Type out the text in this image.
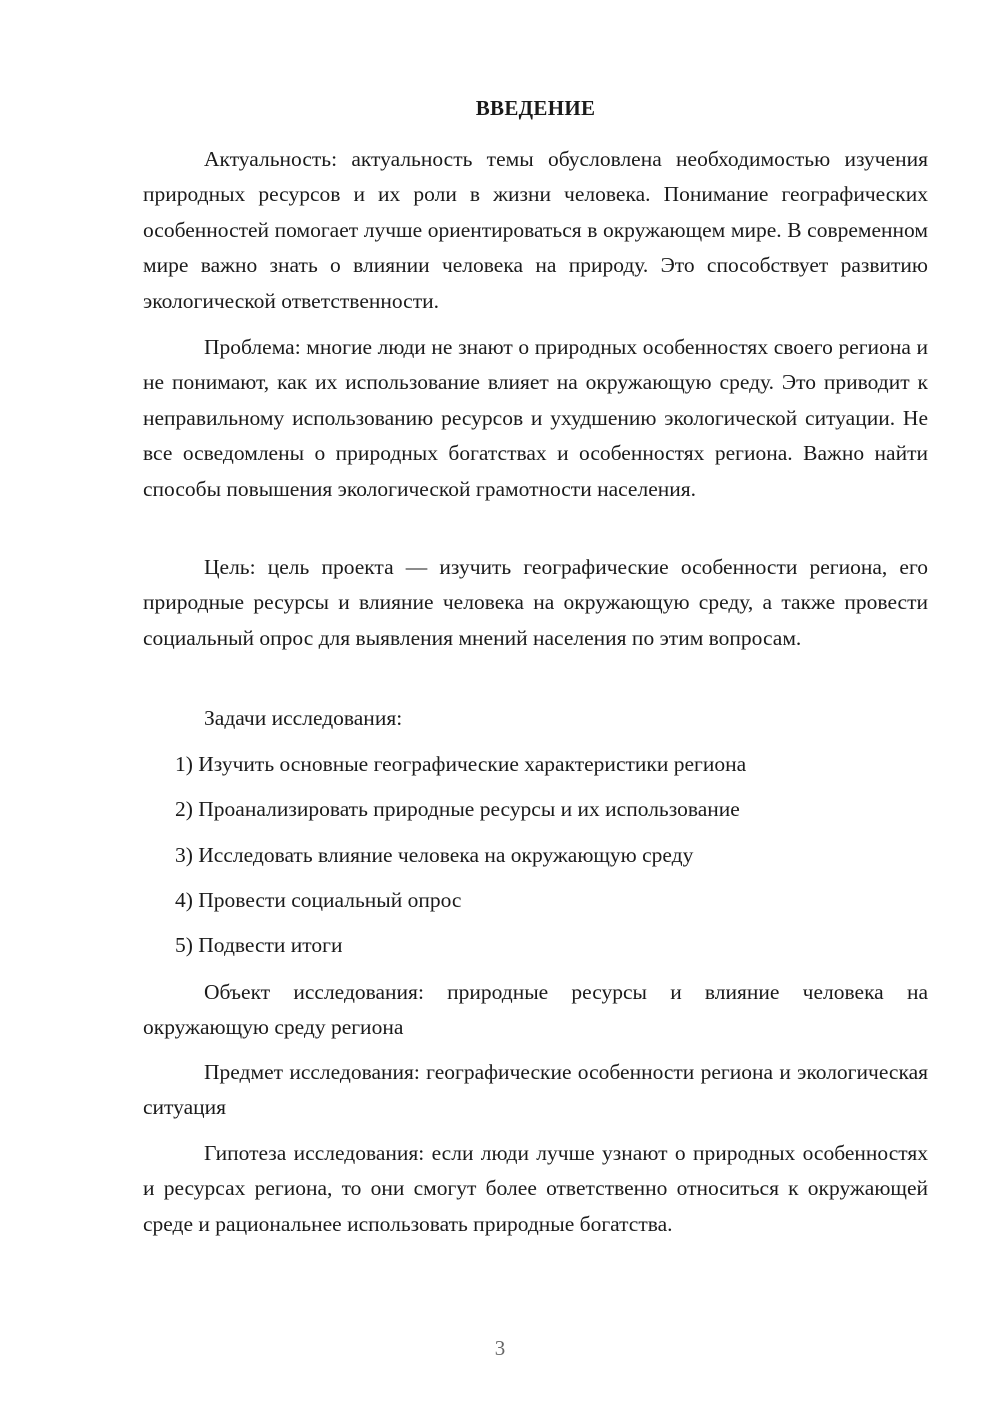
ВВЕДЕНИЕ

Актуальность: актуальность темы обусловлена необходимостью изучения природных ресурсов и их роли в жизни человека. Понимание географических особенностей помогает лучше ориентироваться в окружающем мире. В современном мире важно знать о влиянии человека на природу. Это способствует развитию экологической ответственности.

Проблема: многие люди не знают о природных особенностях своего региона и не понимают, как их использование влияет на окружающую среду. Это приводит к неправильному использованию ресурсов и ухудшению экологической ситуации. Не все осведомлены о природных богатствах и особенностях региона. Важно найти способы повышения экологической грамотности населения.

Цель: цель проекта — изучить географические особенности региона, его природные ресурсы и влияние человека на окружающую среду, а также провести социальный опрос для выявления мнений населения по этим вопросам.

Задачи исследования:

1) Изучить основные географические характеристики региона

2) Проанализировать природные ресурсы и их использование

3) Исследовать влияние человека на окружающую среду

4) Провести социальный опрос

5) Подвести итоги

Объект исследования: природные ресурсы и влияние человека на окружающую среду региона

Предмет исследования: географические особенности региона и экологическая ситуация

Гипотеза исследования: если люди лучше узнают о природных особенностях и ресурсах региона, то они смогут более ответственно относиться к окружающей среде и рациональнее использовать природные богатства.

3
